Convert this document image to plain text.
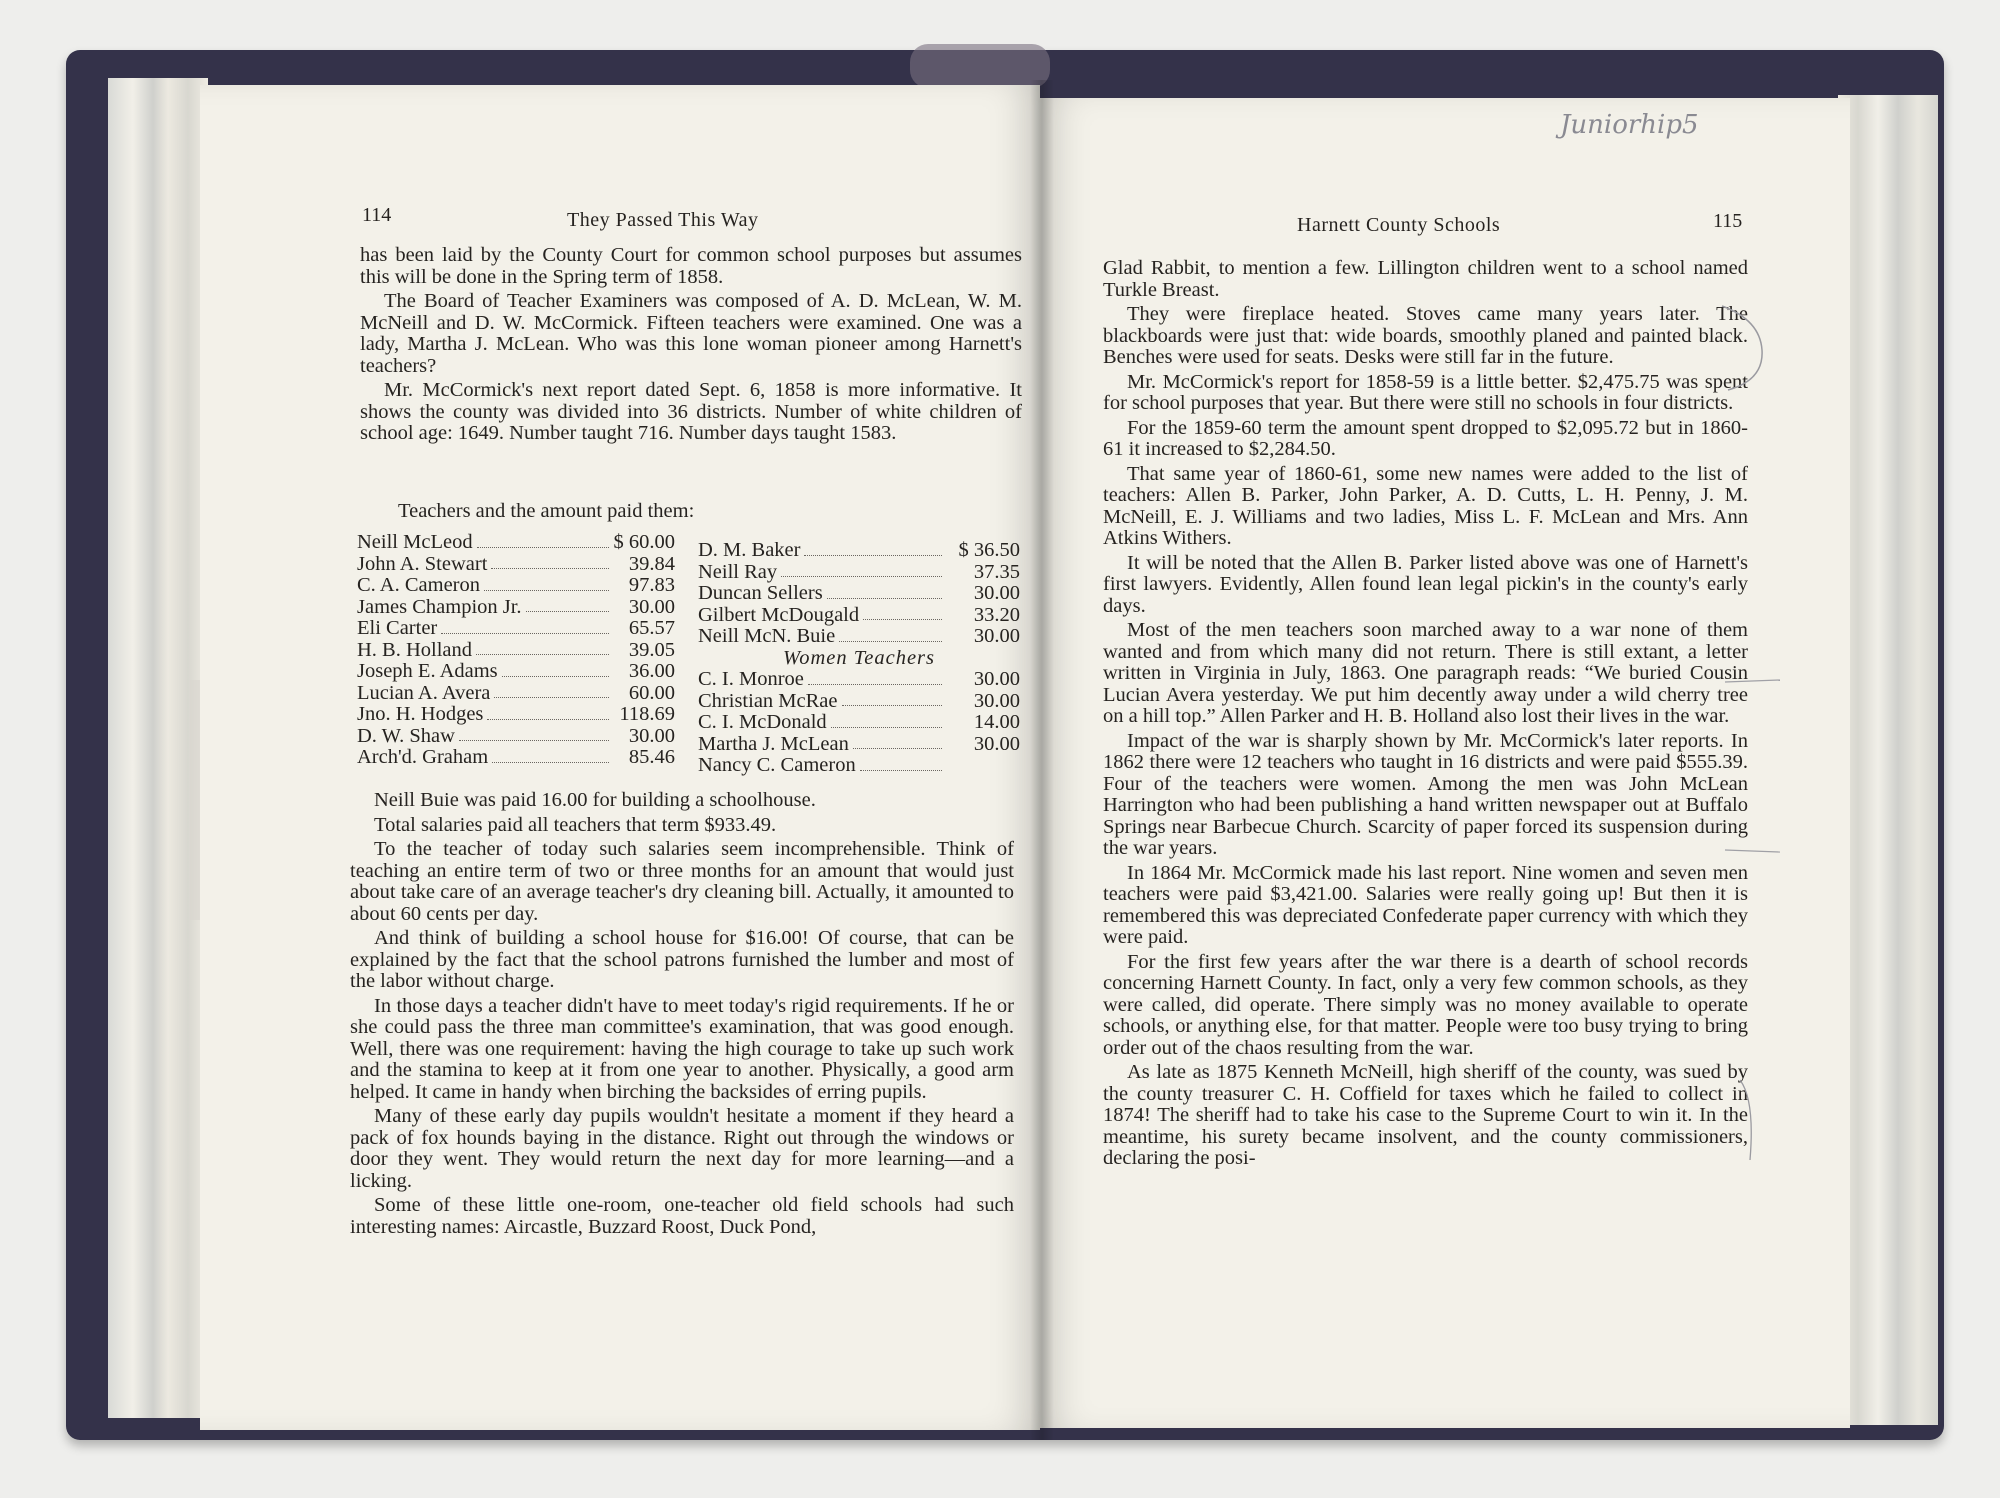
114	They Passed This Way

has been laid by the County Court for common school purposes but assumes this will be done in the Spring term of 1858.

The Board of Teacher Examiners was composed of A. D. McLean, W. M. McNeill and D. W. McCormick. Fifteen teachers were examined. One was a lady, Martha J. McLean. Who was this lone woman pioneer among Harnett's teachers?

Mr. McCormick's next report dated Sept. 6, 1858 is more informative. It shows the county was divided into 36 districts. Number of white children of school age: 1649. Number taught 716. Number days taught 1583.

Teachers and the amount paid them:
Neill McLeod	$ 60.00
John A. Stewart	39.84
C. A. Cameron	97.83
James Champion Jr.	30.00
Eli Carter	65.57
H. B. Holland	39.05
Joseph E. Adams	36.00
Lucian A. Avera	60.00
Jno. H. Hodges	118.69
D. W. Shaw	30.00
Arch'd. Graham	85.46
D. M. Baker	$ 36.50
Neill Ray	37.35
Duncan Sellers	30.00
Gilbert McDougald	33.20
Neill McN. Buie	30.00
Women Teachers
C. I. Monroe	30.00
Christian McRae	30.00
C. I. McDonald	14.00
Martha J. McLean	30.00
Nancy C. Cameron

Neill Buie was paid 16.00 for building a schoolhouse.

Total salaries paid all teachers that term $933.49.

To the teacher of today such salaries seem incomprehensible. Think of teaching an entire term of two or three months for an amount that would just about take care of an average teacher's dry cleaning bill. Actually, it amounted to about 60 cents per day.

And think of building a school house for $16.00! Of course, that can be explained by the fact that the school patrons furnished the lumber and most of the labor without charge.

In those days a teacher didn't have to meet today's rigid requirements. If he or she could pass the three man committee's examination, that was good enough. Well, there was one requirement: having the high courage to take up such work and the stamina to keep at it from one year to another. Physically, a good arm helped. It came in handy when birching the backsides of erring pupils.

Many of these early day pupils wouldn't hesitate a moment if they heard a pack of fox hounds baying in the distance. Right out through the windows or door they went. They would return the next day for more learning—and a licking.

Some of these little one-room, one-teacher old field schools had such interesting names: Aircastle, Buzzard Roost, Duck Pond,

Juniorhip5
Harnett County Schools	115

Glad Rabbit, to mention a few. Lillington children went to a school named Turkle Breast.

They were fireplace heated. Stoves came many years later. The blackboards were just that: wide boards, smoothly planed and painted black. Benches were used for seats. Desks were still far in the future.

Mr. McCormick's report for 1858-59 is a little better. $2,475.75 was spent for school purposes that year. But there were still no schools in four districts.

For the 1859-60 term the amount spent dropped to $2,095.72 but in 1860-61 it increased to $2,284.50.

That same year of 1860-61, some new names were added to the list of teachers: Allen B. Parker, John Parker, A. D. Cutts, L. H. Penny, J. M. McNeill, E. J. Williams and two ladies, Miss L. F. McLean and Mrs. Ann Atkins Withers.

It will be noted that the Allen B. Parker listed above was one of Harnett's first lawyers. Evidently, Allen found lean legal pickin's in the county's early days.

Most of the men teachers soon marched away to a war none of them wanted and from which many did not return. There is still extant, a letter written in Virginia in July, 1863. One paragraph reads: “We buried Cousin Lucian Avera yesterday. We put him decently away under a wild cherry tree on a hill top.” Allen Parker and H. B. Holland also lost their lives in the war.

Impact of the war is sharply shown by Mr. McCormick's later reports. In 1862 there were 12 teachers who taught in 16 districts and were paid $555.39. Four of the teachers were women. Among the men was John McLean Harrington who had been publishing a hand written newspaper out at Buffalo Springs near Barbecue Church. Scarcity of paper forced its suspension during the war years.

In 1864 Mr. McCormick made his last report. Nine women and seven men teachers were paid $3,421.00. Salaries were really going up! But then it is remembered this was depreciated Confederate paper currency with which they were paid.

For the first few years after the war there is a dearth of school records concerning Harnett County. In fact, only a very few common schools, as they were called, did operate. There simply was no money available to operate schools, or anything else, for that matter. People were too busy trying to bring order out of the chaos resulting from the war.

As late as 1875 Kenneth McNeill, high sheriff of the county, was sued by the county treasurer C. H. Coffield for taxes which he failed to collect in 1874! The sheriff had to take his case to the Supreme Court to win it. In the meantime, his surety became insolvent, and the county commissioners, declaring the posi-
